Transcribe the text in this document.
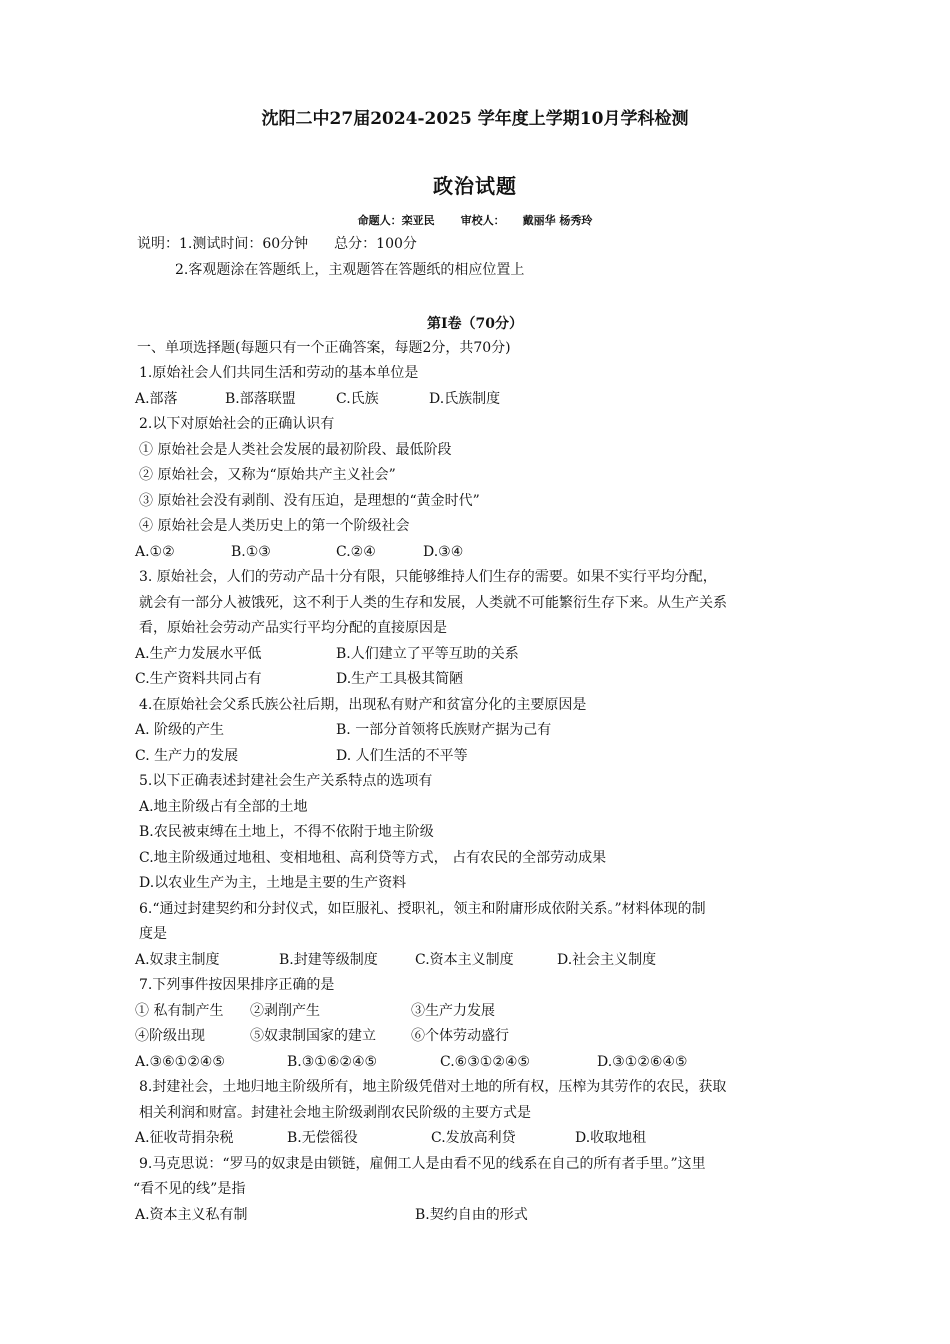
沈阳二中27届2024-2025 学年度上学期10月学科检测
政治试题
命题人：栾亚民 审校人： 戴丽华 杨秀玲
说明：1.测试时间：60分钟 总分：100分
2.客观题涂在答题纸上，主观题答在答题纸的相应位置上
第Ⅰ卷（70分）
一、单项选择题(每题只有一个正确答案，每题2分，共70分)
1.原始社会人们共同生活和劳动的基本单位是
A.部落	B.部落联盟	C.氏族	D.氏族制度
2.以下对原始社会的正确认识有
① 原始社会是人类社会发展的最初阶段、最低阶段
② 原始社会，又称为“原始共产主义社会”
③ 原始社会没有剥削、没有压迫，是理想的“黄金时代”
④ 原始社会是人类历史上的第一个阶级社会
A.①②	B.①③	C.②④	D.③④
3. 原始社会，人们的劳动产品十分有限，只能够维持人们生存的需要。如果不实行平均分配，
就会有一部分人被饿死，这不利于人类的生存和发展，人类就不可能繁衍生存下来。从生产关系
看，原始社会劳动产品实行平均分配的直接原因是
A.生产力发展水平低	B.人们建立了平等互助的关系
C.生产资料共同占有	D.生产工具极其简陋
4.在原始社会父系氏族公社后期，出现私有财产和贫富分化的主要原因是
A. 阶级的产生	B. 一部分首领将氏族财产据为己有
C. 生产力的发展	D. 人们生活的不平等
5.以下正确表述封建社会生产关系特点的选项有
A.地主阶级占有全部的土地
B.农民被束缚在土地上，不得不依附于地主阶级
C.地主阶级通过地租、变相地租、高利贷等方式， 占有农民的全部劳动成果
D.以农业生产为主，土地是主要的生产资料
6.“通过封建契约和分封仪式，如臣服礼、授职礼，领主和附庸形成依附关系。”材料体现的制
度是
A.奴隶主制度	B.封建等级制度	C.资本主义制度	D.社会主义制度
7.下列事件按因果排序正确的是
① 私有制产生 ②剥削产生	③生产力发展
④阶级出现	⑤奴隶制国家的建立	⑥个体劳动盛行
A.③⑥①②④⑤	B.③①⑥②④⑤	C.⑥③①②④⑤	D.③①②⑥④⑤
8.封建社会，土地归地主阶级所有，地主阶级凭借对土地的所有权，压榨为其劳作的农民，获取
相关利润和财富。封建社会地主阶级剥削农民阶级的主要方式是
A.征收苛捐杂税	B.无偿徭役	C.发放高利贷	D.收取地租
9.马克思说：“罗马的奴隶是由锁链，雇佣工人是由看不见的线系在自己的所有者手里。”这里
“看不见的线”是指
A.资本主义私有制	B.契约自由的形式
